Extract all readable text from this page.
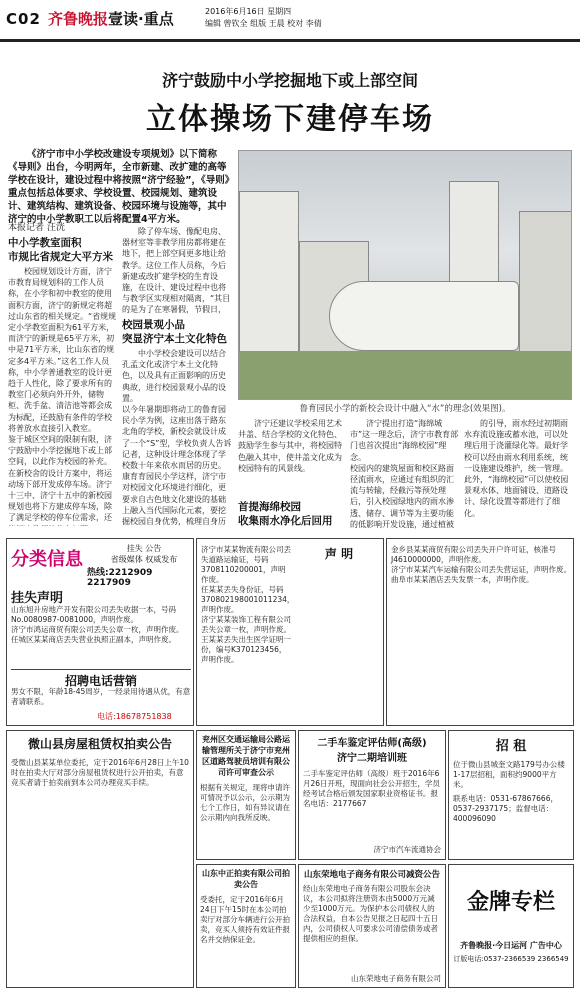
C02 齐鲁晚报 壹读·重点	2016年6月16日 星期四
编辑 曾钦全 组版 王晨 校对 李倩
济宁鼓励中小学挖掘地下或上部空间
立体操场下建停车场
《济宁市中小学校改建设专项规划》以下简称《导则》出台，今明两年，全市新建、改扩建的高等学校在设计，建设过程中将按照“济宁经验”，《导则》重点包括总体要求、学校设置、校园规划、建筑设计、建筑结构、建筑设备、校园环境与设施等，其中济宁的中小学教职工以后将配置4平方米。
本报记者 汪洸
中小学教室面积
市规比省规定大平方米
校园规划设计方面，济宁市教育局规划科的工作人员称，在小学和初中教室的使用面积方面，济宁的新规定将超过山东省的相关规定。“省规规定小学教室面积为61平方米，而济宁的新规是65平方米，初中是71平方米，比山东省的规定多4平方米。”这名工作人员称，中小学普通教室的设计更趋于人性化，除了要求所有的教室门必须向外开外，储物柜、洗手盆、清洁池等都会成为标配，还鼓励有条件的学校将普放水直接引入教室。
鉴于城区空间的限制有限，济宁鼓励中小学挖掘地下或上部空间，以此作为校园的补充。在新校舍的设计方案中，将运动场下部开发成停车场。济宁十三中、济宁十五中的新校园规划也将下方建成停车场，除了满足学校的停车位需求，还
除了停车场、像配电房、器材室等非教学用房都将建在地下，把上部空间更多地让给教学。这位工作人员称，今后新建或改扩建学校的生育设施，在设计、建设过程中也将与教学区实现相对隔离，“其目的是为了在寒暑假，节假日，
校园景观小品
突显济宁本土文化特色
中小学校会建设可以结合孔孟文化或济宁本土文化特色，以及具有正面影响的历史典故，进行校园景观小品的设置。
以今年暑期即将动工的鲁育园民小学为例，这座出落于路东北角的学校，新校会就设计成了一个“S”型，学校负责人告诉记者，这种设计理念体现了学校数十年来依水而居的历史。
康育育园民小学这样，济宁市对校园文化环境进行细化，更要求自古色地文化建设的基础上融入当代国际化元素，要挖掘校园自身优势，梳理自身历
鲁育园民小学的新校会设计中融入“水”的理念(效果图)。
济宁还建议学校采用艺术井盖、结合学校的文化特色、鼓励学生参与其中，将校园特色融入其中，使井盖文化成为校园特有的风景线。
首提海绵校园
收集雨水净化后回用
济宁提出打造“海绵城市”这一理念后，济宁市教育部门也首次提出“海绵校园”理念。
校园内的建筑屋面和校区路面径流雨水，应通过有组织的汇流与转输，经截污等预处理后，引入校园绿地内的雨水渗透、储存、调节等为主要功能的低影响开发设施，通过植被
的引导，雨水经过初期雨水弃流设施或蓄水池，可以处理后用于浇灌绿化等。最好学校可以经由雨水利用系统，统一设施建设维护，统一管理。
此外，“海绵校园”可以使校园景观水体、地面铺设、道路设计、绿化设置等都进行了细化。
分类信息
挂失 公告
省级媒体 权威发布
热线:2212909 2217909
挂失声明
山东旭升房地产开发有限公司丢失收据一本，号码No.0080987-0081000，声明作废。
济宁市鸿运商贸有限公司丢失公章一枚，声明作废。
任城区某某商店丢失营业执照正副本，声明作废。
招聘电话营销
男女不限，年龄18-45周岁，一经录用待遇从优，有意者请联系。
电话:18678751838
济宁市某某物流有限公司丢失道路运输证，号码3708110200001，声明作废。
任某某丢失身份证，号码370802198001011234，声明作废。
济宁某某装饰工程有限公司丢失公章一枚，声明作废。
王某某丢失出生医学证明一份，编号K370123456，声明作废。
声 明	金乡县某某商贸有限公司丢失开户许可证，核准号J4610000000，声明作废。
济宁市某某汽车运输有限公司丢失营运证，声明作废。
曲阜市某某酒店丢失发票一本，声明作废。
微山县房屋租赁权拍卖公告
受微山县某某单位委托，定于2016年6月28日上午10时在拍卖大厅对部分房屋租赁权进行公开拍卖，有意竞买者请于拍卖前到本公司办理竞买手续。
兖州区交通运输局公路运输管理所关于济宁市兖州区道路驾驶员培训有限公司许可审查公示
根据有关规定，现将申请许可情况予以公示，公示期为七个工作日，如有异议请在公示期内向我所反映。
山东中正拍卖有限公司拍卖公告
受委托，定于2016年6月24日下午15时在本公司拍卖厅对部分车辆进行公开拍卖，竞买人须持有效证件报名并交纳保证金。
二手车鉴定评估师(高级)
济宁二期培训班
二手车鉴定评估师（高级）班于2016年6月26日开班，现面向社会公开招生，学员经考试合格后颁发国家职业资格证书。报名电话：2177667
济宁市汽车流通协会
山东荣地电子商务有限公司减资公告
经山东荣地电子商务有限公司股东会决议，本公司拟将注册资本由5000万元减少至1000万元。为保护本公司债权人的合法权益，自本公告见报之日起四十五日内，公司债权人可要求公司清偿债务或者提供相应的担保。
山东荣地电子商务有限公司
招 租
位于微山县城奎文路179号办公楼1-17层招租，面积约9000平方米。
联系电话：0531-67867666，0537-2937175；监督电话：400096090
金牌专栏
齐鲁晚报·今日运河 广告中心
订版电话:0537-2366539 2366549
